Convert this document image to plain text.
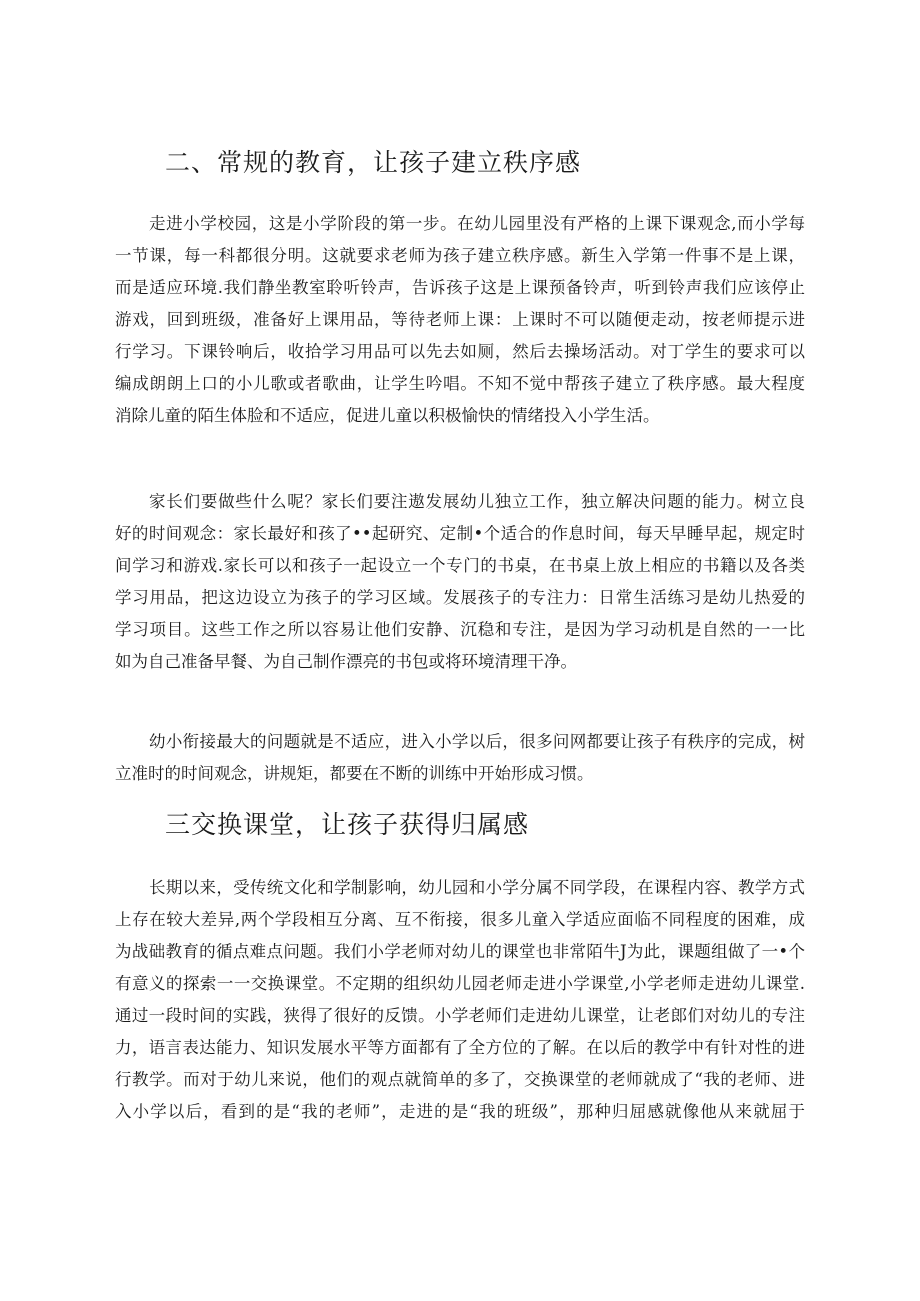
二、常规的教育，让孩子建立秩序感
走进小学校园，这是小学阶段的第一步。在幼儿园里没有严格的上课下课观念,而小学每
一节课，每一科都很分明。这就要求老师为孩子建立秩序感。新生入学第一件事不是上课，
而是适应环境.我们静坐教室聆听铃声，告诉孩子这是上课预备铃声，听到铃声我们应该停止
游戏，回到班级，准备好上课用品，等待老师上课：上课时不可以随便走动，按老师提示进
行学习。下课铃响后，收拾学习用品可以先去如厕，然后去操场活动。对丁学生的要求可以
编成朗朗上口的小儿歌或者歌曲，让学生吟唱。不知不觉中帮孩子建立了秩序感。最大程度
消除儿童的陌生体脸和不适应，促进儿童以积极愉快的情绪投入小学生活。
家长们要做些什么呢？家长们要注遨发展幼儿独立工作，独立解决问题的能力。树立良
好的时间观念：家长最好和孩了••起研究、定制•个适合的作息时间，每天早睡早起，规定时
间学习和游戏.家长可以和孩子一起设立一个专门的书桌，在书桌上放上相应的书籍以及各类
学习用品，把这边设立为孩子的学习区域。发展孩子的专注力：日常生活练习是幼儿热爱的
学习项目。这些工作之所以容易让他们安静、沉稳和专注，是因为学习动机是自然的一一比
如为自己准备早餐、为自己制作漂亮的书包或将环境清理干净。
幼小衔接最大的问题就是不适应，进入小学以后，很多问网都要让孩子有秩序的完成，树
立准时的时间观念，讲规矩，都要在不断的训练中开始形成习惯。
三交换课堂，让孩子获得归属感
长期以来，受传统文化和学制影响，幼儿园和小学分属不同学段，在课程内容、教学方式
上存在较大差异,两个学段相互分离、互不衔接，很多儿童入学适应面临不同程度的困难，成
为战础教育的循点难点问题。我们小学老师对幼儿的课堂也非常陌牛J为此，课题组做了一•个
有意义的探索一一交换课堂。不定期的组织幼儿园老师走进小学课堂,小学老师走进幼儿课堂.
通过一段时间的实践，狭得了很好的反馈。小学老师们走进幼儿课堂，让老郎们对幼儿的专注
力，语言表达能力、知识发展水平等方面都有了全方位的了解。在以后的教学中有针对性的进
行教学。而对于幼儿来说，他们的观点就简单的多了，交换课堂的老师就成了“我的老师、进
入小学以后，看到的是“我的老师”，走进的是“我的班级”，那种归屈感就像他从来就屈于
